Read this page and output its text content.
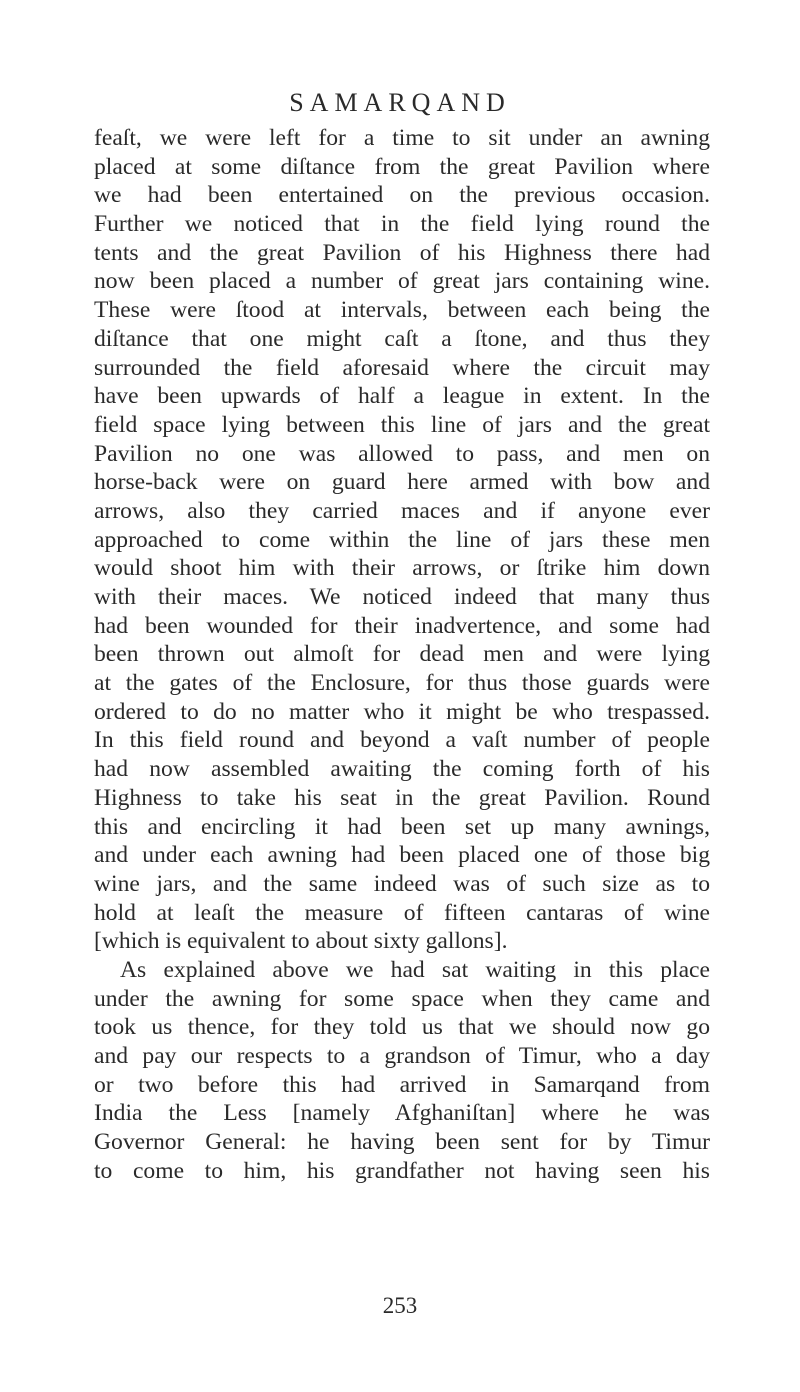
SAMARQAND
feaſt, we were left for a time to sit under an awning
placed at some diſtance from the great Pavilion where
we had been entertained on the previous occasion.
Further we noticed that in the field lying round the
tents and the great Pavilion of his Highness there had
now been placed a number of great jars containing wine.
These were ſtood at intervals, between each being the
diſtance that one might caſt a ſtone, and thus they
surrounded the field aforesaid where the circuit may
have been upwards of half a league in extent. In the
field space lying between this line of jars and the great
Pavilion no one was allowed to pass, and men on
horse-back were on guard here armed with bow and
arrows, also they carried maces and if anyone ever
approached to come within the line of jars these men
would shoot him with their arrows, or ſtrike him down
with their maces. We noticed indeed that many thus
had been wounded for their inadvertence, and some had
been thrown out almoſt for dead men and were lying
at the gates of the Enclosure, for thus those guards were
ordered to do no matter who it might be who trespassed.
In this field round and beyond a vaſt number of people
had now assembled awaiting the coming forth of his
Highness to take his seat in the great Pavilion. Round
this and encircling it had been set up many awnings,
and under each awning had been placed one of those big
wine jars, and the same indeed was of such size as to
hold at leaſt the measure of fifteen cantaras of wine
[which is equivalent to about sixty gallons].
As explained above we had sat waiting in this place
under the awning for some space when they came and
took us thence, for they told us that we should now go
and pay our respects to a grandson of Timur, who a day
or two before this had arrived in Samarqand from
India the Less [namely Afghaniſtan] where he was
Governor General: he having been sent for by Timur
to come to him, his grandfather not having seen his
253
